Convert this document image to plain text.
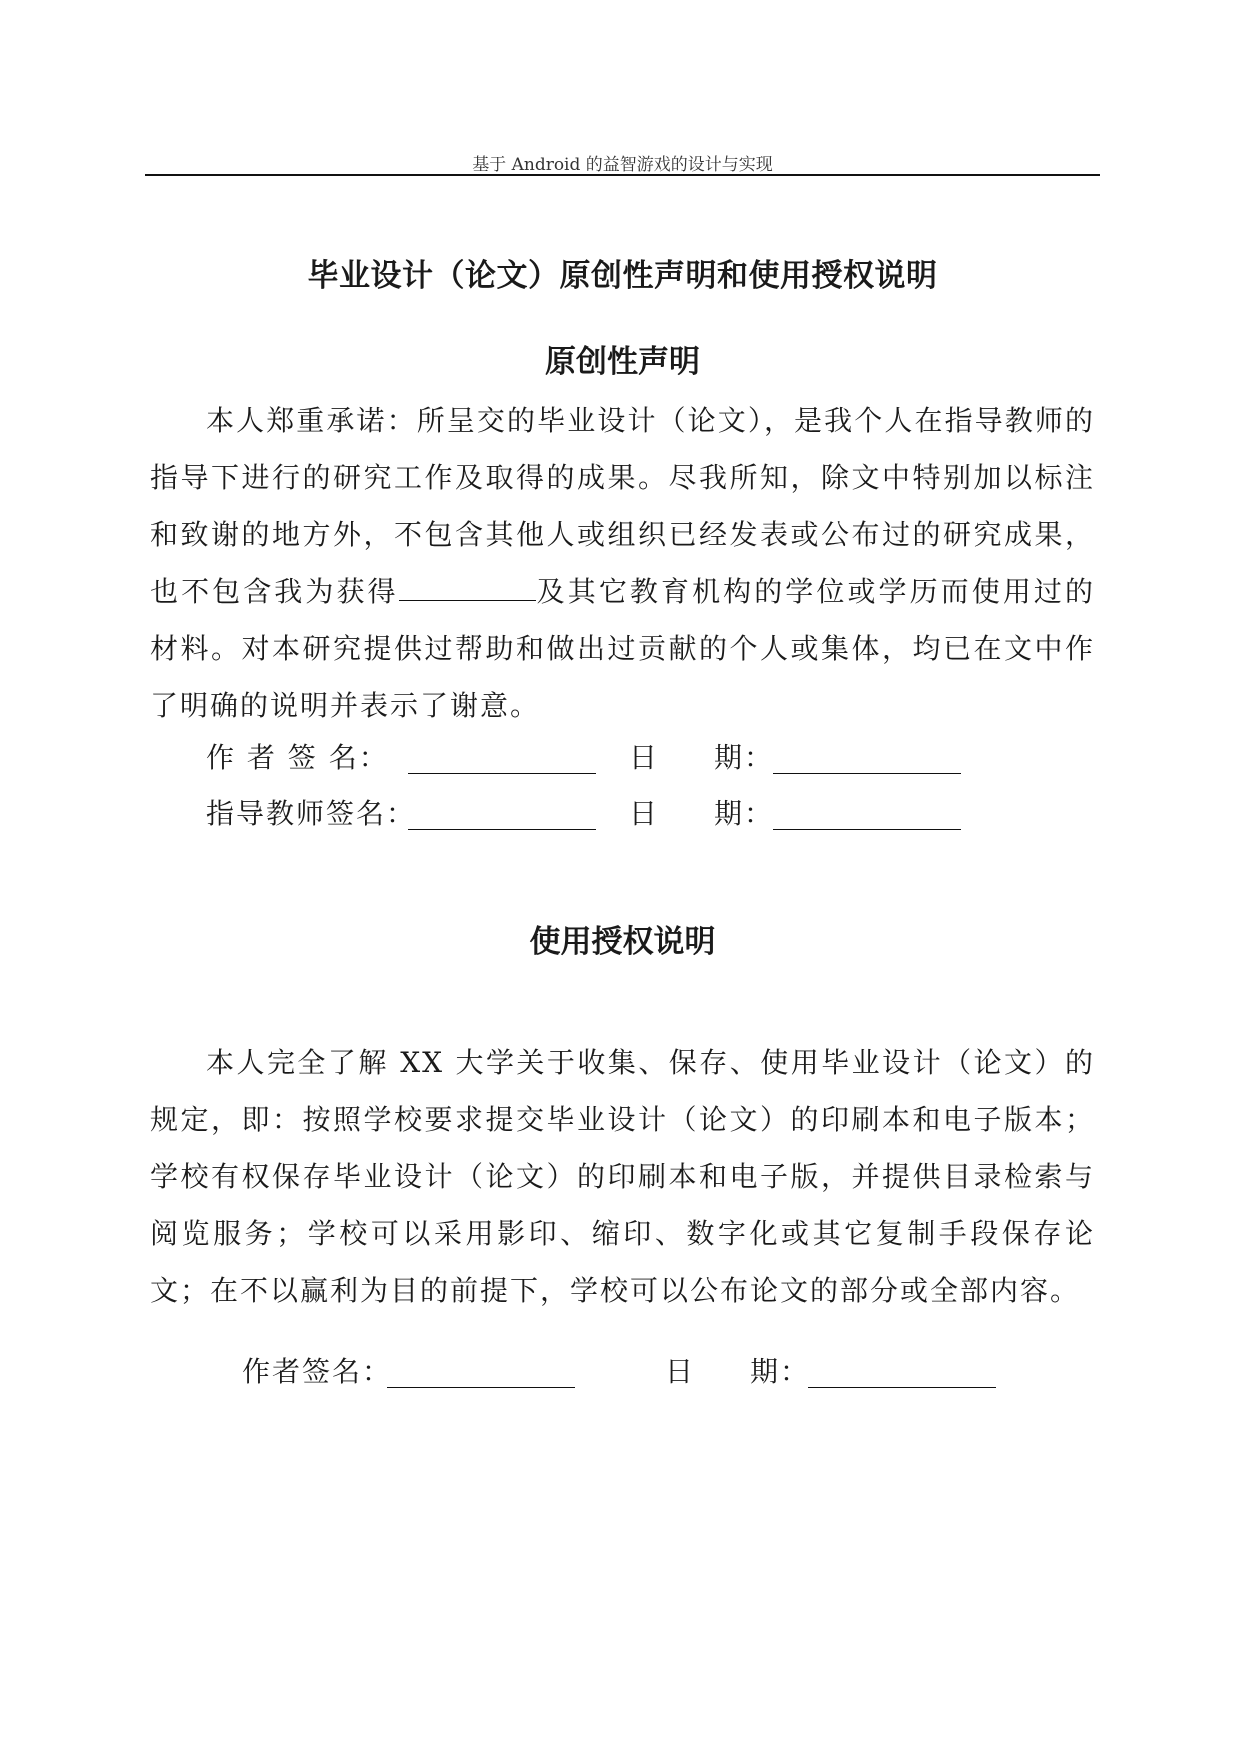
基于 Android 的益智游戏的设计与实现
毕业设计（论文）原创性声明和使用授权说明
原创性声明

本人郑重承诺：所呈交的毕业设计（论文），是我个人在指导教师的指导下进行的研究工作及取得的成果。尽我所知，除文中特别加以标注和致谢的地方外，不包含其他人或组织已经发表或公布过的研究成果，也不包含我为获得	及其它教育机构的学位或学历而使用过的材料。对本研究提供过帮助和做出过贡献的个人或集体，均已在文中作了明确的说明并表示了谢意。

作 者 签 名：	日 期：
指导教师签名：	日 期：
使用授权说明

本人完全了解 XX 大学关于收集、保存、使用毕业设计（论文）的规定，即：按照学校要求提交毕业设计（论文）的印刷本和电子版本；学校有权保存毕业设计（论文）的印刷本和电子版，并提供目录检索与阅览服务；学校可以采用影印、缩印、数字化或其它复制手段保存论文；在不以赢利为目的前提下，学校可以公布论文的部分或全部内容。

作者签名：	日 期：
